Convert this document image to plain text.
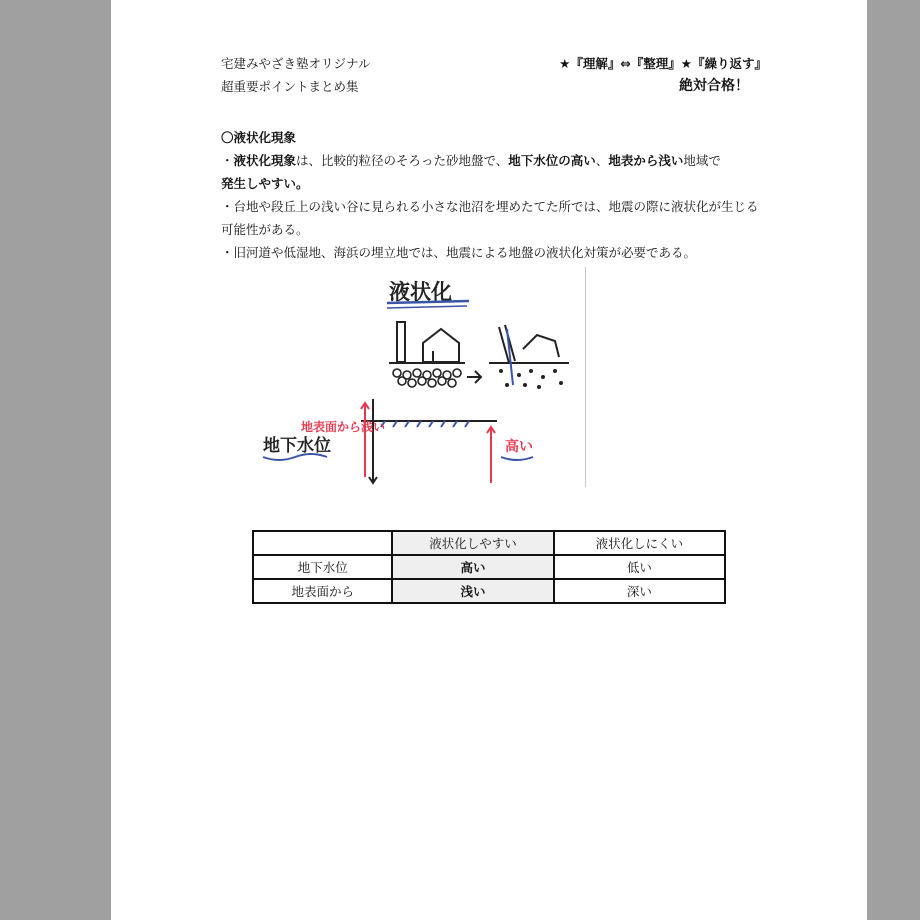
宅建みやざき塾オリジナル
超重要ポイントまとめ集
★『理解』⇔『整理』★『繰り返す』
絶対合格！

〇液状化現象

・液状化現象は、比較的粒径のそろった砂地盤で、地下水位の高い、地表から浅い地域で
発生しやすい。

・台地や段丘上の浅い谷に見られる小さな池沼を埋めたてた所では、地震の際に液状化が生じる可能性がある。

・旧河道や低湿地、海浜の埋立地では、地震による地盤の液状化対策が必要である。

液状化
地下水位
地表面から浅い
高い
	液状化しやすい	液状化しにくい
地下水位	高い	低い
地表面から	浅い	深い
